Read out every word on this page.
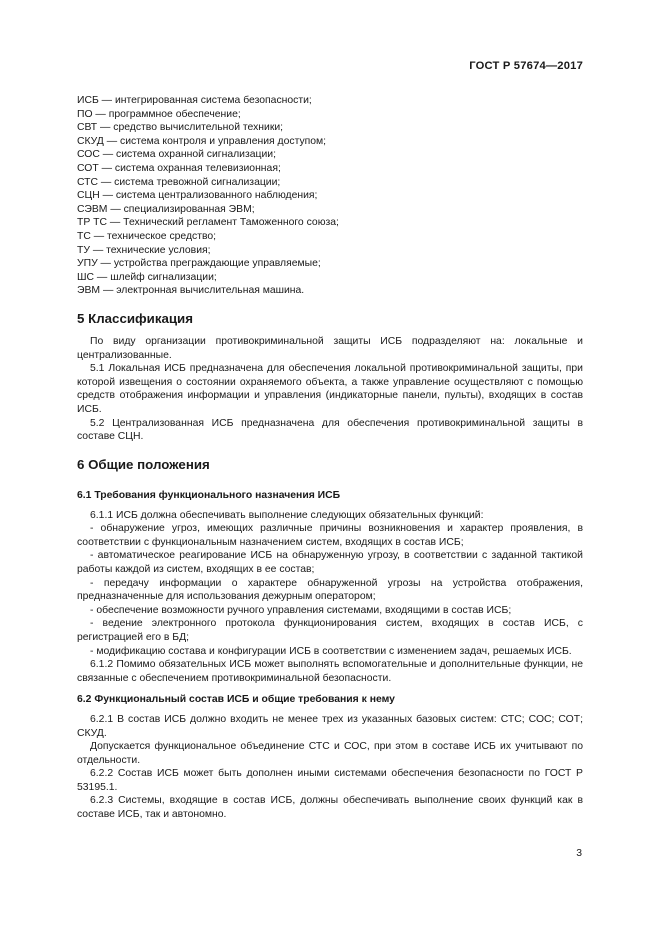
ГОСТ Р 57674—2017
ИСБ — интегрированная система безопасности;
ПО — программное обеспечение;
СВТ — средство вычислительной техники;
СКУД — система контроля и управления доступом;
СОС — система охранной сигнализации;
СОТ — система охранная телевизионная;
СТС — система тревожной сигнализации;
СЦН — система централизованного наблюдения;
СЭВМ — специализированная ЭВМ;
ТР ТС — Технический регламент Таможенного союза;
ТС — техническое средство;
ТУ — технические условия;
УПУ — устройства преграждающие управляемые;
ШС — шлейф сигнализации;
ЭВМ — электронная вычислительная машина.
5 Классификация

По виду организации противокриминальной защиты ИСБ подразделяют на: локальные и централизованные.

5.1 Локальная ИСБ предназначена для обеспечения локальной противокриминальной защиты, при которой извещения о состоянии охраняемого объекта, а также управление осуществляют с помощью средств отображения информации и управления (индикаторные панели, пульты), входящих в состав ИСБ.

5.2 Централизованная ИСБ предназначена для обеспечения противокриминальной защиты в составе СЦН.

6 Общие положения
6.1 Требования функционального назначения ИСБ

6.1.1 ИСБ должна обеспечивать выполнение следующих обязательных функций:

- обнаружение угроз, имеющих различные причины возникновения и характер проявления, в соответствии с функциональным назначением систем, входящих в состав ИСБ;

- автоматическое реагирование ИСБ на обнаруженную угрозу, в соответствии с заданной тактикой работы каждой из систем, входящих в ее состав;

- передачу информации о характере обнаруженной угрозы на устройства отображения, предназначенные для использования дежурным оператором;

- обеспечение возможности ручного управления системами, входящими в состав ИСБ;

- ведение электронного протокола функционирования систем, входящих в состав ИСБ, с регистрацией его в БД;

- модификацию состава и конфигурации ИСБ в соответствии с изменением задач, решаемых ИСБ.

6.1.2 Помимо обязательных ИСБ может выполнять вспомогательные и дополнительные функции, не связанные с обеспечением противокриминальной безопасности.

6.2 Функциональный состав ИСБ и общие требования к нему

6.2.1 В состав ИСБ должно входить не менее трех из указанных базовых систем: СТС; СОС; СОТ; СКУД.

Допускается функциональное объединение СТС и СОС, при этом в составе ИСБ их учитывают по отдельности.

6.2.2 Состав ИСБ может быть дополнен иными системами обеспечения безопасности по ГОСТ Р 53195.1.

6.2.3 Системы, входящие в состав ИСБ, должны обеспечивать выполнение своих функций как в составе ИСБ, так и автономно.

3
